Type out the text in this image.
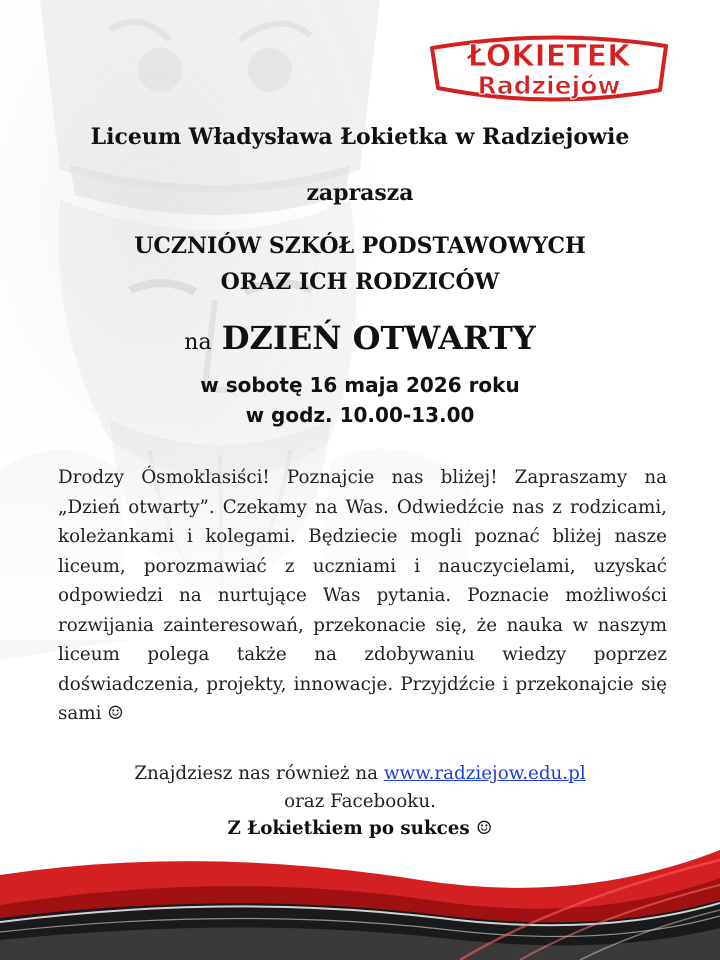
ŁOKIETEK
Radziejów
Liceum Władysława Łokietka w Radziejowie
zaprasza
UCZNIÓW SZKÓŁ PODSTAWOWYCH
ORAZ ICH RODZICÓW
na DZIEŃ OTWARTY
w sobotę 16 maja 2026 roku
w godz. 10.00-13.00
Drodzy Ósmoklasiści! Poznajcie nas bliżej! Zapraszamy na „Dzień otwarty”. Czekamy na Was. Odwiedźcie nas z rodzicami, koleżankami i kolegami. Będziecie mogli poznać bliżej nasze liceum, porozmawiać z uczniami i nauczycielami, uzyskać odpowiedzi na nurtujące Was pytania. Poznacie możliwości rozwijania zainteresowań, przekonacie się, że nauka w naszym liceum polega także na zdobywaniu wiedzy poprzez doświadczenia, projekty, innowacje. Przyjdźcie i przekonajcie się sami ☺
Znajdziesz nas również na www.radziejow.edu.pl
oraz Facebooku.
Z Łokietkiem po sukces ☺
